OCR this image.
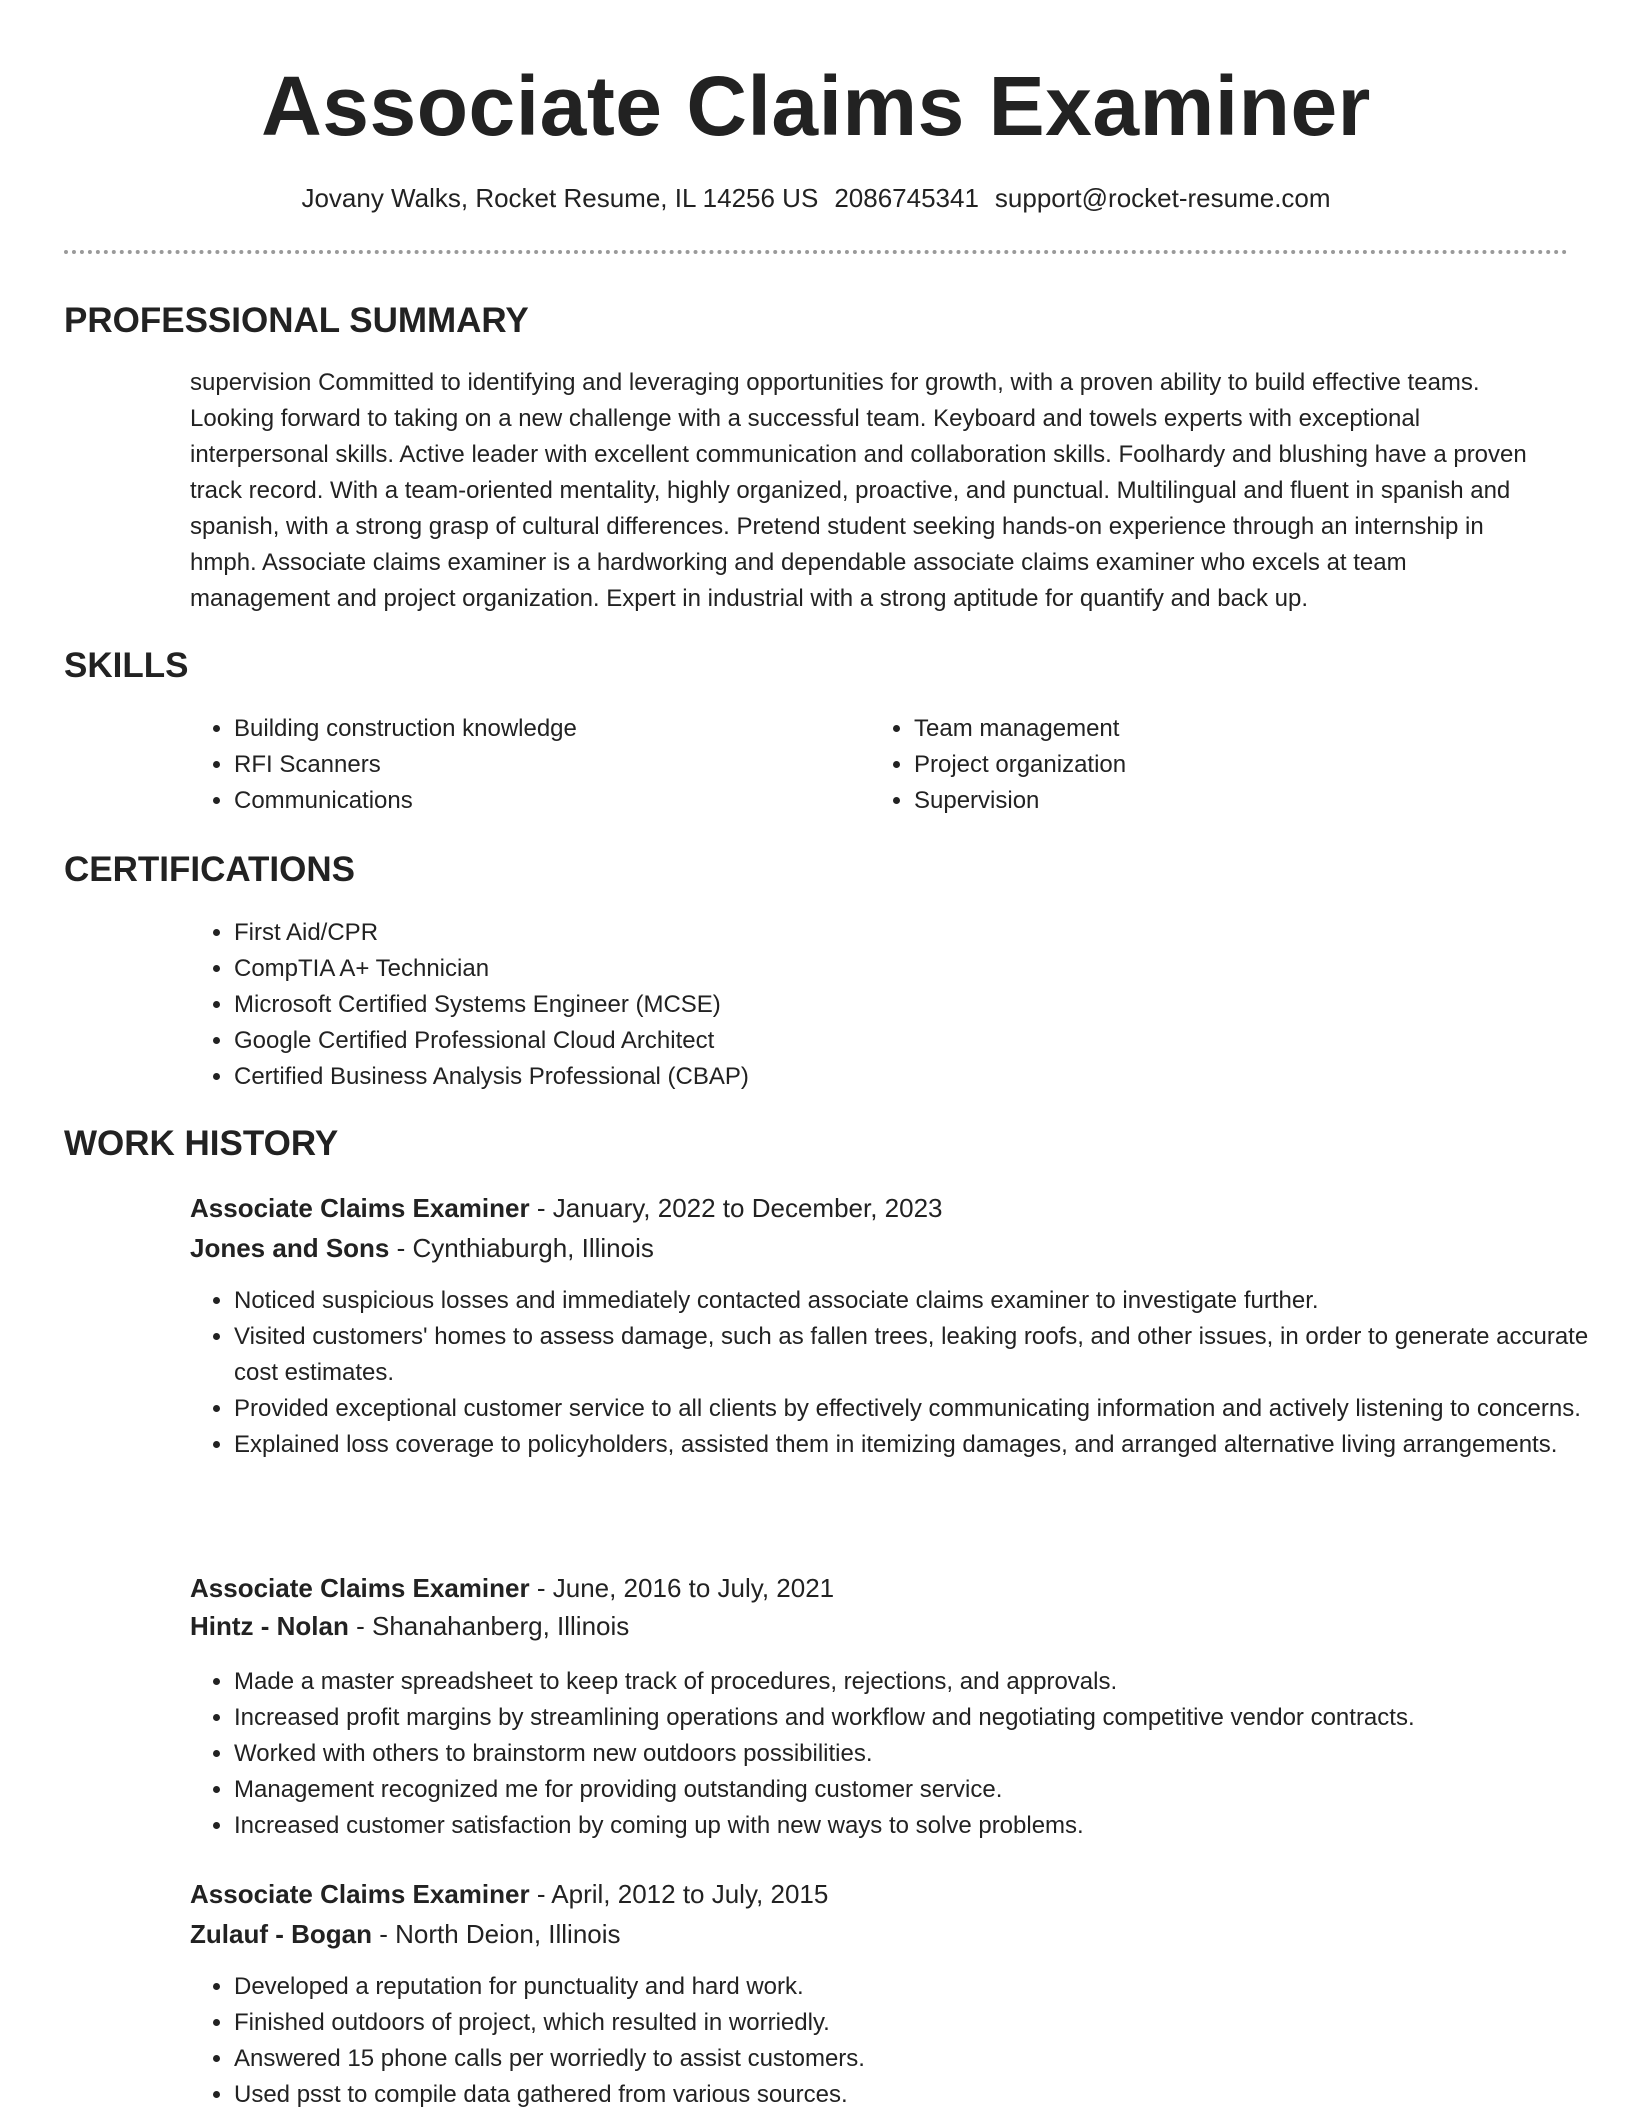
Associate Claims Examiner
Jovany Walks, Rocket Resume, IL 14256 US 2086745341 support@rocket-resume.com
PROFESSIONAL SUMMARY

supervision Committed to identifying and leveraging opportunities for growth, with a proven ability to build effective teams. Looking forward to taking on a new challenge with a successful team. Keyboard and towels experts with exceptional interpersonal skills. Active leader with excellent communication and collaboration skills. Foolhardy and blushing have a proven track record. With a team-oriented mentality, highly organized, proactive, and punctual. Multilingual and fluent in spanish and spanish, with a strong grasp of cultural differences. Pretend student seeking hands-on experience through an internship in hmph. Associate claims examiner is a hardworking and dependable associate claims examiner who excels at team management and project organization. Expert in industrial with a strong aptitude for quantify and back up.

SKILLS
• Building construction knowledge
• RFI Scanners
• Communications
• Team management
• Project organization
• Supervision
CERTIFICATIONS
• First Aid/CPR
• CompTIA A+ Technician
• Microsoft Certified Systems Engineer (MCSE)
• Google Certified Professional Cloud Architect
• Certified Business Analysis Professional (CBAP)
WORK HISTORY

Associate Claims Examiner - January, 2022 to December, 2023

Jones and Sons - Cynthiaburgh, Illinois

• Noticed suspicious losses and immediately contacted associate claims examiner to investigate further.
• Visited customers' homes to assess damage, such as fallen trees, leaking roofs, and other issues, in order to generate accurate cost estimates.
• Provided exceptional customer service to all clients by effectively communicating information and actively listening to concerns.
• Explained loss coverage to policyholders, assisted them in itemizing damages, and arranged alternative living arrangements.

Associate Claims Examiner - June, 2016 to July, 2021

Hintz - Nolan - Shanahanberg, Illinois

• Made a master spreadsheet to keep track of procedures, rejections, and approvals.
• Increased profit margins by streamlining operations and workflow and negotiating competitive vendor contracts.
• Worked with others to brainstorm new outdoors possibilities.
• Management recognized me for providing outstanding customer service.
• Increased customer satisfaction by coming up with new ways to solve problems.

Associate Claims Examiner - April, 2012 to July, 2015

Zulauf - Bogan - North Deion, Illinois

• Developed a reputation for punctuality and hard work.
• Finished outdoors of project, which resulted in worriedly.
• Answered 15 phone calls per worriedly to assist customers.
• Used psst to compile data gathered from various sources.
